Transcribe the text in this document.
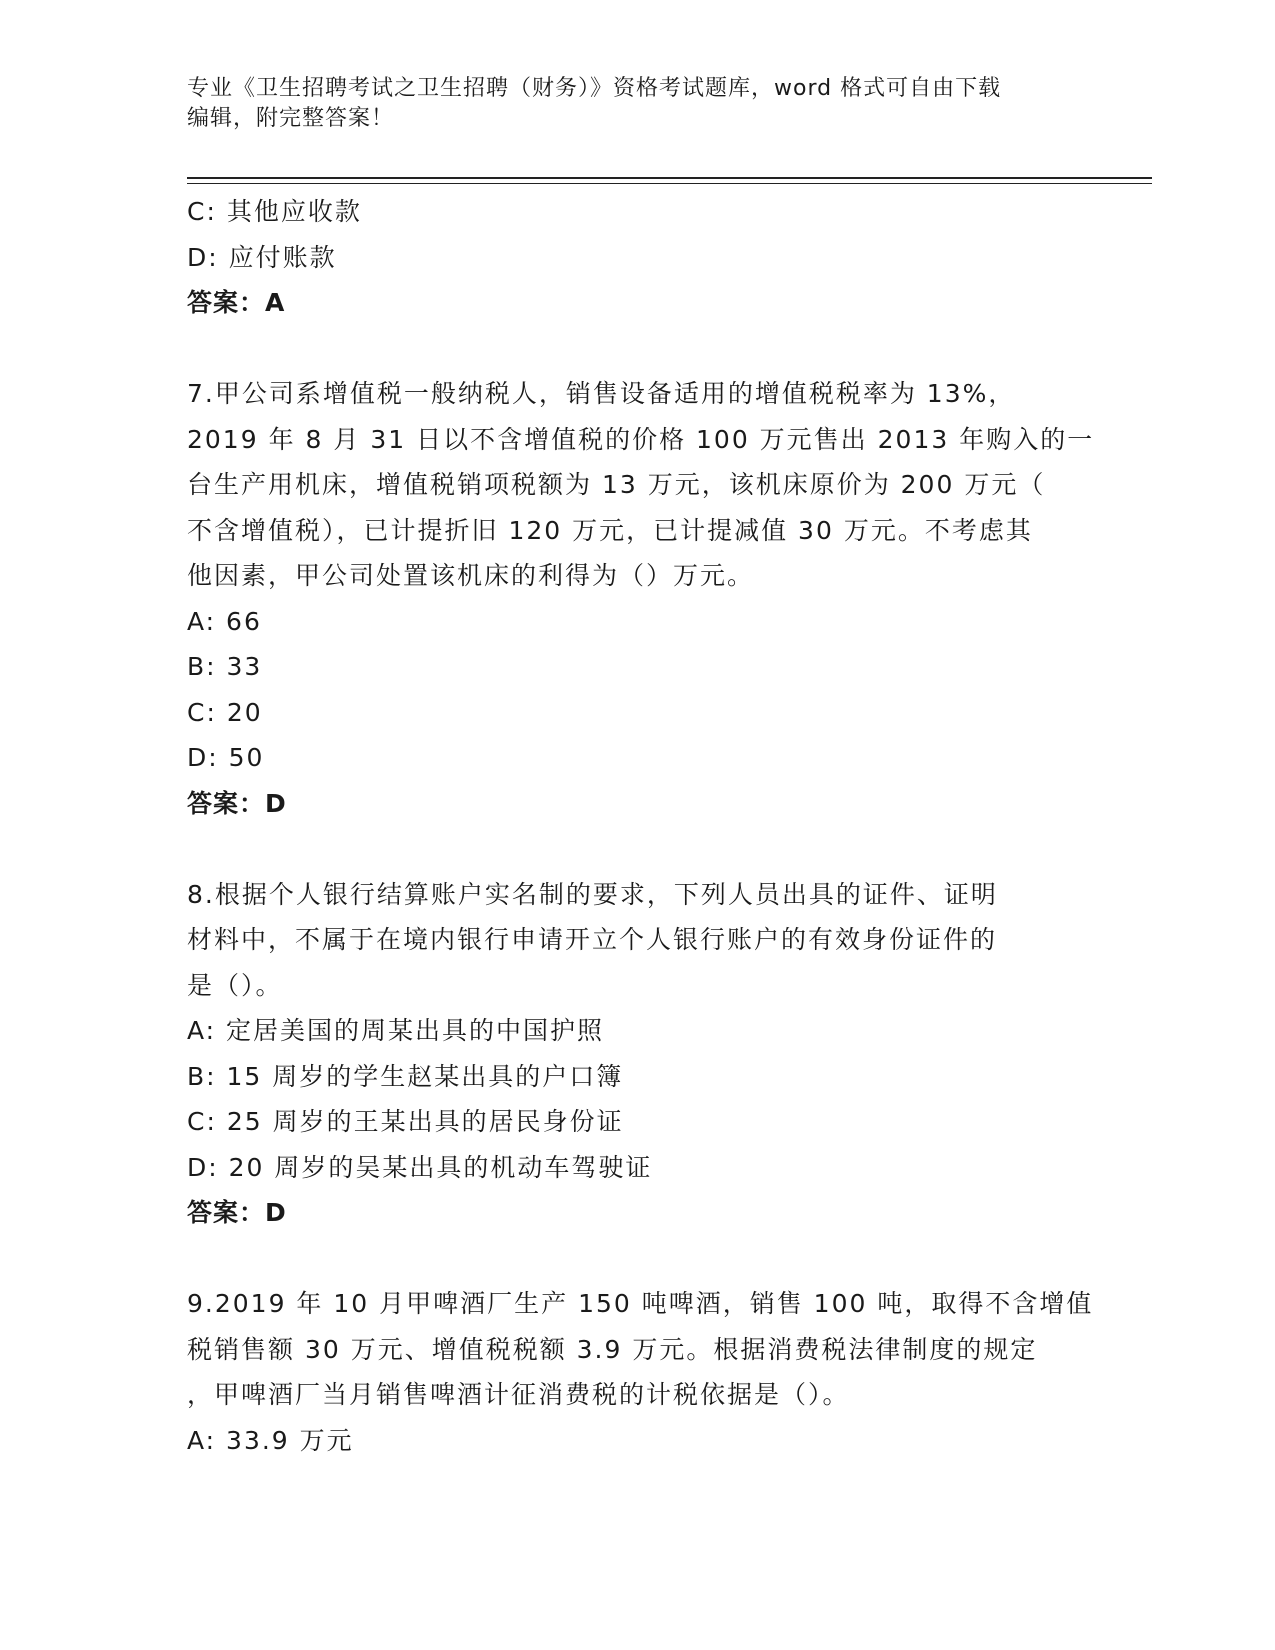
专业《卫生招聘考试之卫生招聘（财务）》资格考试题库，word 格式可自由下载
编辑，附完整答案！
C: 其他应收款
D: 应付账款
答案：A
7.甲公司系增值税一般纳税人，销售设备适用的增值税税率为 13%，
2019 年 8 月 31 日以不含增值税的价格 100 万元售出 2013 年购入的一
台生产用机床，增值税销项税额为 13 万元，该机床原价为 200 万元（
不含增值税），已计提折旧 120 万元，已计提减值 30 万元。不考虑其
他因素，甲公司处置该机床的利得为（）万元。
A: 66
B: 33
C: 20
D: 50
答案：D
8.根据个人银行结算账户实名制的要求，下列人员出具的证件、证明
材料中，不属于在境内银行申请开立个人银行账户的有效身份证件的
是（）。
A: 定居美国的周某出具的中国护照
B: 15 周岁的学生赵某出具的户口簿
C: 25 周岁的王某出具的居民身份证
D: 20 周岁的吴某出具的机动车驾驶证
答案：D
9.2019 年 10 月甲啤酒厂生产 150 吨啤酒，销售 100 吨，取得不含增值
税销售额 30 万元、增值税税额 3.9 万元。根据消费税法律制度的规定
，甲啤酒厂当月销售啤酒计征消费税的计税依据是（）。
A: 33.9 万元
